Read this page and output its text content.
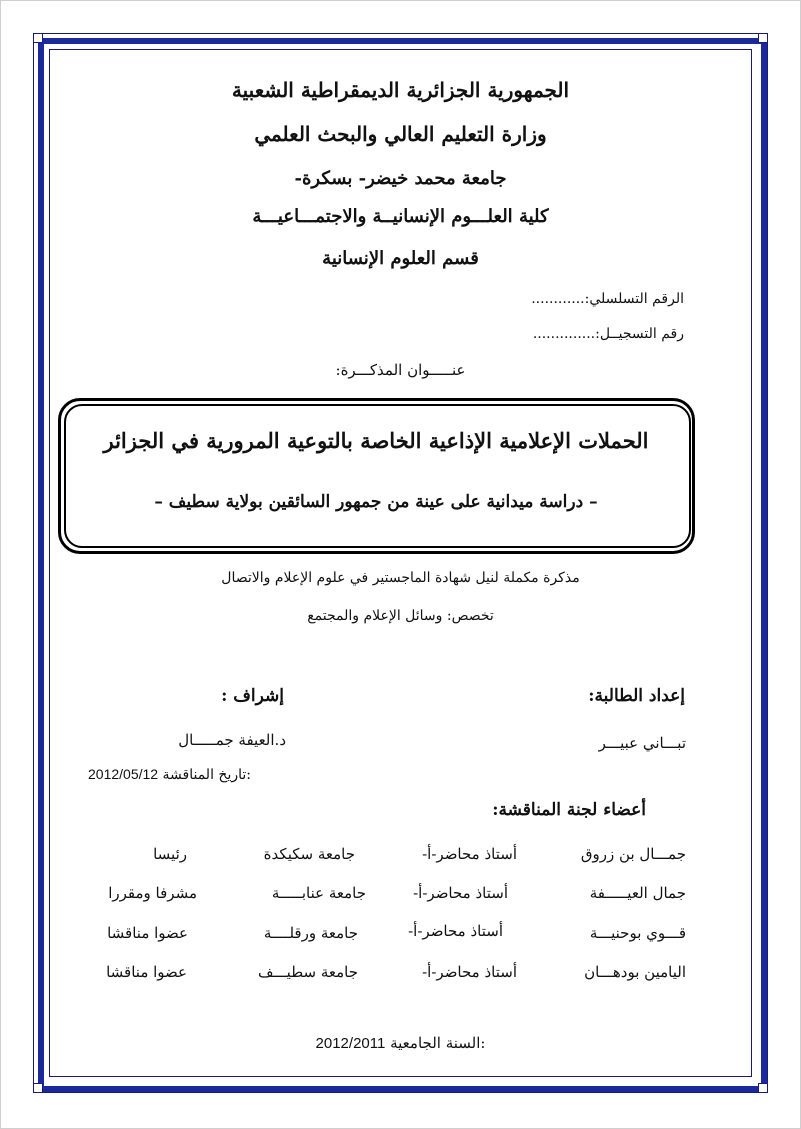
الجمهورية الجزائرية الديمقراطية الشعبية
وزارة التعليم العالي والبحث العلمي
جامعة محمد خيضر- بسكرة-
كلية العلـــوم الإنسانيــة والاجتمـــاعيـــة
قسم العلوم الإنسانية
الرقم التسلسلي:............
رقم التسجيــل:..............
عنـــــوان المذكـــرة:
الحملات الإعلامية الإذاعية الخاصة بالتوعية المرورية في الجزائر
– دراسة ميدانية على عينة من جمهور السائقين بولاية سطيف –
مذكرة مكملة لنيل شهادة الماجستير في علوم الإعلام والاتصال
تخصص: وسائل الإعلام والمجتمع
إعداد الطالبة:
تبـــاني عبيـــر
إشراف :
د.العيفة جمـــــال
2012/05/12 تاريخ المناقشة:
أعضاء لجنة المناقشة:
جمـــال بن زروق
أستاذ محاضر-أ-
جامعة سكيكدة
رئيسا
جمال العيـــــفة
أستاذ محاضر-أ-
جامعة عنابـــــة
مشرفا ومقررا
قـــوي بوحنيـــة
أستاذ محاضر-أ-
جامعة ورقلــــة
عضوا مناقشا
اليامين بودهـــان
أستاذ محاضر-أ-
جامعة سطيـــف
عضوا مناقشا
2012/2011 السنة الجامعية:
